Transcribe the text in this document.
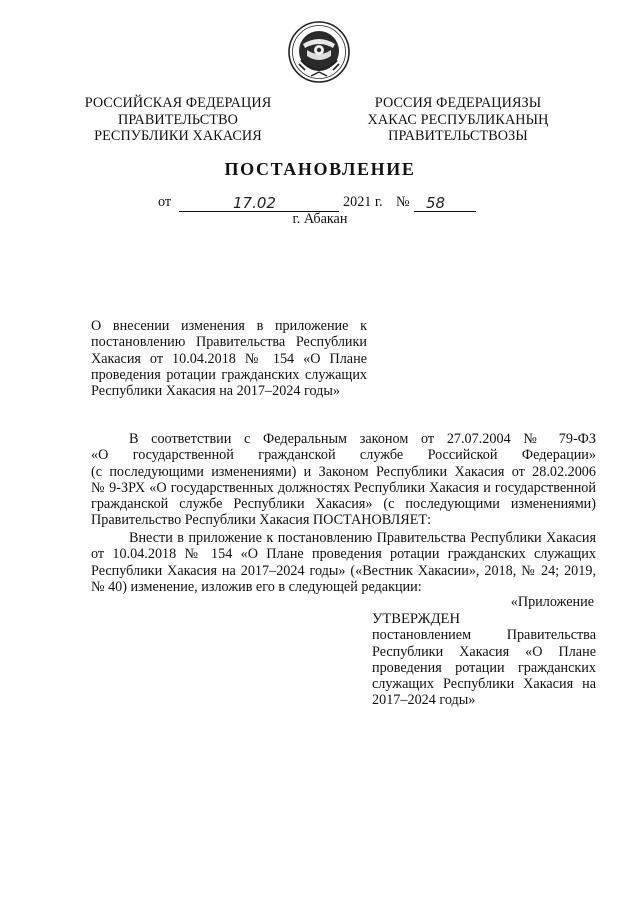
РОССИЙСКАЯ ФЕДЕРАЦИЯ
ПРАВИТЕЛЬСТВО
РЕСПУБЛИКИ ХАКАСИЯ
РОССИЯ ФЕДЕРАЦИЯЗЫ
ХАКАС РЕСПУБЛИКАНЫҢ
ПРАВИТЕЛЬСТВОЗЫ
ПОСТАНОВЛЕНИЕ
от	17.02	2021 г. № 58
г. Абакан
О внесении изменения в приложение к
постановлению Правительства Республики
Хакасия от 10.04.2018 № 154 «О Плане
проведения ротации гражданских служащих
Республики Хакасия на 2017–2024 годы»
В соответствии с Федеральным законом от 27.07.2004 № 79-ФЗ
«О государственной гражданской службе Российской Федерации»
(с последующими изменениями) и Законом Республики Хакасия от 28.02.2006
№ 9-ЗРХ «О государственных должностях Республики Хакасия и государственной
гражданской службе Республики Хакасия» (с последующими изменениями)
Правительство Республики Хакасия ПОСТАНОВЛЯЕТ:
Внести в приложение к постановлению Правительства Республики Хакасия
от 10.04.2018 № 154 «О Плане проведения ротации гражданских служащих
Республики Хакасия на 2017–2024 годы» («Вестник Хакасии», 2018, № 24; 2019,
№ 40) изменение, изложив его в следующей редакции:
«Приложение
УТВЕРЖДЕН
постановлением Правительства
Республики Хакасия «О Плане
проведения ротации гражданских
служащих Республики Хакасия на
2017–2024 годы»
